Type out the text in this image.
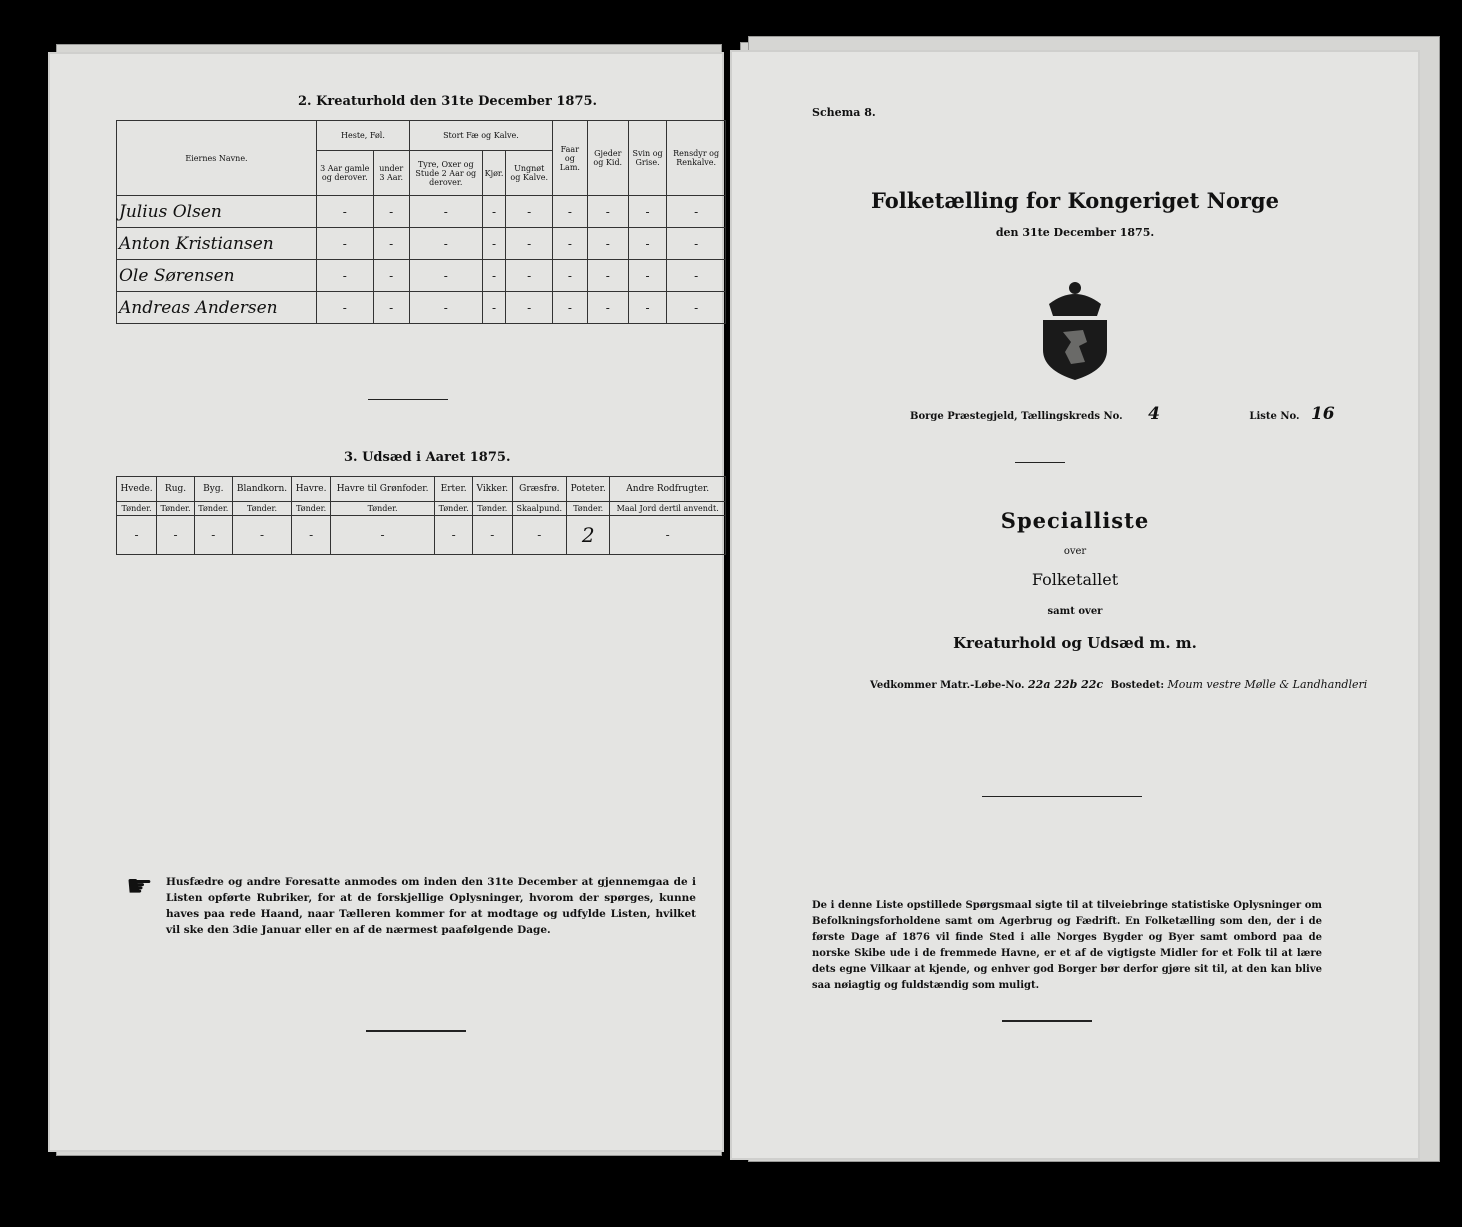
2. Kreaturhold den 31te December 1875.
Eiernes Navne.	Heste, Føl.		Stort Fæ og Kalve.			Faar og Lam.	Gjeder og Kid.	Svin og Grise.	Rensdyr og Renkalve.
	3 Aar gamle og derover.	under 3 Aar.	Tyre, Oxer og Stude 2 Aar og derover.	Kjør.	Ungnøt og Kalve.				
Julius Olsen	-	-	-	-	-	-	-	-	-
Anton Kristiansen	-	-	-	-	-	-	-	-	-
Ole Sørensen	-	-	-	-	-	-	-	-	-
Andreas Andersen	-	-	-	-	-	-	-	-	-
3. Udsæd i Aaret 1875.
Hvede.	Rug.	Byg.	Blandkorn.	Havre.	Havre til Grønfoder.	Erter.	Vikker.	Græsfrø.	Poteter.	Andre Rodfrugter.
Tønder.	Tønder.	Tønder.	Tønder.	Tønder.	Tønder.	Tønder.	Tønder.	Skaalpund.	Tønder.	Maal Jord dertil anvendt.
-	-	-	-	-	-	-	-	-	2	-
☛ Husfædre og andre Foresatte anmodes om inden den 31te December at gjennemgaa de i Listen opførte Rubriker, for at de forskjellige Oplysninger, hvorom der spørges, kunne haves paa rede Haand, naar Tælleren kommer for at modtage og udfylde Listen, hvilket vil ske den 3die Januar eller en af de nærmest paafølgende Dage.
Schema 8.
Folketælling for Kongeriget Norge
den 31te December 1875.
Borge Præstegjeld, Tællingskreds No. 4	Liste No. 16
Specialliste
over
Folketallet
samt over
Kreaturhold og Udsæd m. m.
Vedkommer Matr.-Løbe-No. 22a 22b 22c Bostedet: Moum vestre Mølle & Landhandleri
De i denne Liste opstillede Spørgsmaal sigte til at tilveiebringe statistiske Oplysninger om Befolkningsforholdene samt om Agerbrug og Fædrift. En Folketælling som den, der i de første Dage af 1876 vil finde Sted i alle Norges Bygder og Byer samt ombord paa de norske Skibe ude i de fremmede Havne, er et af de vigtigste Midler for et Folk til at lære dets egne Vilkaar at kjende, og enhver god Borger bør derfor gjøre sit til, at den kan blive saa nøiagtig og fuldstændig som muligt.
